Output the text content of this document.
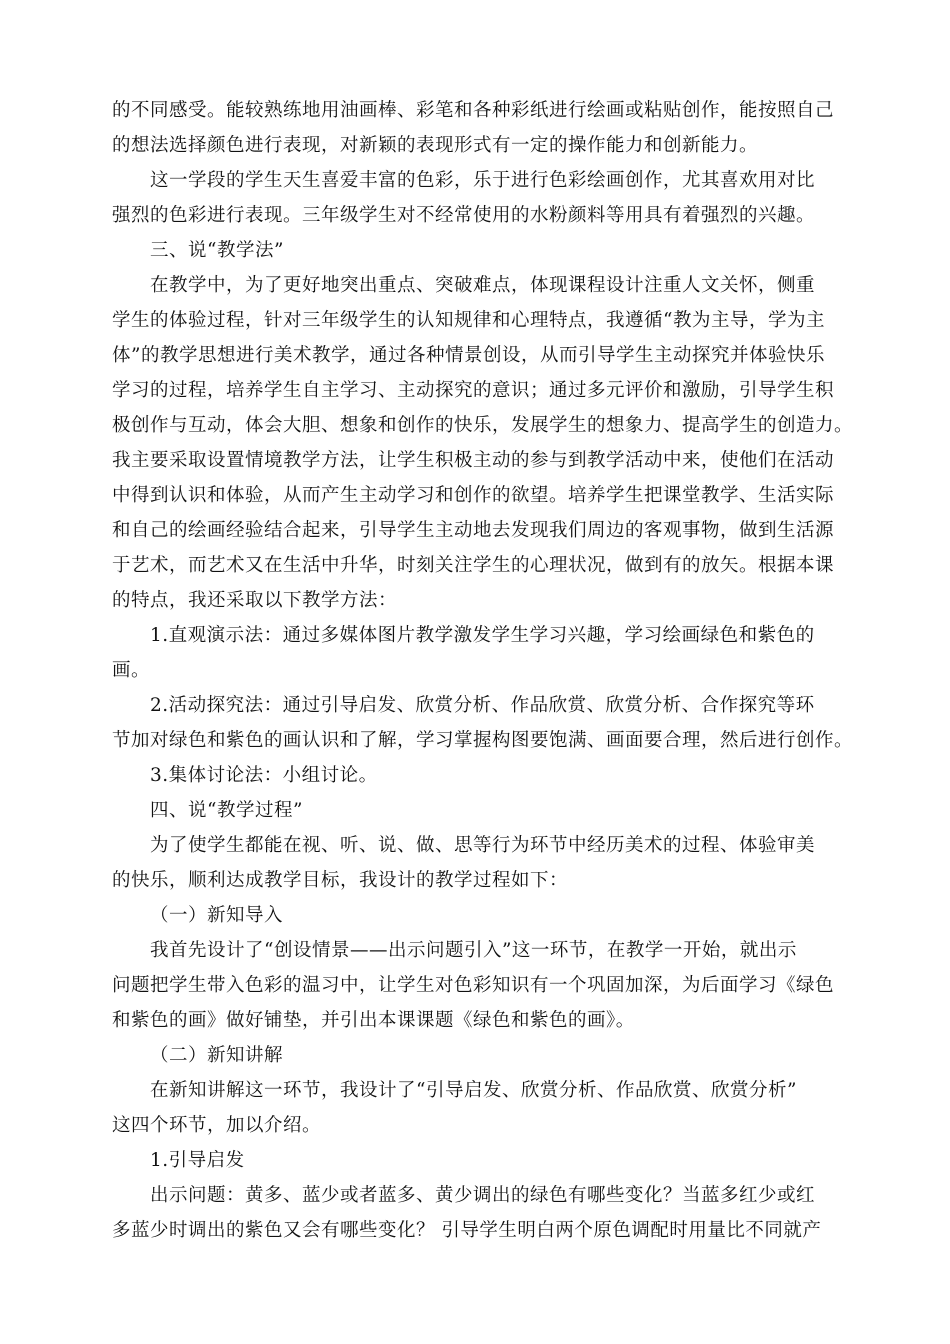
的不同感受。能较熟练地用油画棒、彩笔和各种彩纸进行绘画或粘贴创作，能按照自己
的想法选择颜色进行表现，对新颖的表现形式有一定的操作能力和创新能力。
这一学段的学生天生喜爱丰富的色彩，乐于进行色彩绘画创作，尤其喜欢用对比
强烈的色彩进行表现。三年级学生对不经常使用的水粉颜料等用具有着强烈的兴趣。
三、说“教学法”
在教学中，为了更好地突出重点、突破难点，体现课程设计注重人文关怀，侧重
学生的体验过程，针对三年级学生的认知规律和心理特点，我遵循“教为主导，学为主
体”的教学思想进行美术教学，通过各种情景创设，从而引导学生主动探究并体验快乐
学习的过程，培养学生自主学习、主动探究的意识；通过多元评价和激励，引导学生积
极创作与互动，体会大胆、想象和创作的快乐，发展学生的想象力、提高学生的创造力。
我主要采取设置情境教学方法，让学生积极主动的参与到教学活动中来，使他们在活动
中得到认识和体验，从而产生主动学习和创作的欲望。培养学生把课堂教学、生活实际
和自己的绘画经验结合起来，引导学生主动地去发现我们周边的客观事物，做到生活源
于艺术，而艺术又在生活中升华，时刻关注学生的心理状况，做到有的放矢。根据本课
的特点，我还采取以下教学方法：
1.直观演示法：通过多媒体图片教学激发学生学习兴趣，学习绘画绿色和紫色的
画。
2.活动探究法：通过引导启发、欣赏分析、作品欣赏、欣赏分析、合作探究等环
节加对绿色和紫色的画认识和了解，学习掌握构图要饱满、画面要合理，然后进行创作。
3.集体讨论法：小组讨论。
四、说“教学过程”
为了使学生都能在视、听、说、做、思等行为环节中经历美术的过程、体验审美
的快乐，顺利达成教学目标，我设计的教学过程如下：
（一）新知导入
我首先设计了“创设情景——出示问题引入”这一环节，在教学一开始，就出示
问题把学生带入色彩的温习中，让学生对色彩知识有一个巩固加深，为后面学习《绿色
和紫色的画》做好铺垫，并引出本课课题《绿色和紫色的画》。
（二）新知讲解
在新知讲解这一环节，我设计了“引导启发、欣赏分析、作品欣赏、欣赏分析”
这四个环节，加以介绍。
1.引导启发
出示问题：黄多、蓝少或者蓝多、黄少调出的绿色有哪些变化？当蓝多红少或红
多蓝少时调出的紫色又会有哪些变化？ 引导学生明白两个原色调配时用量比不同就产
